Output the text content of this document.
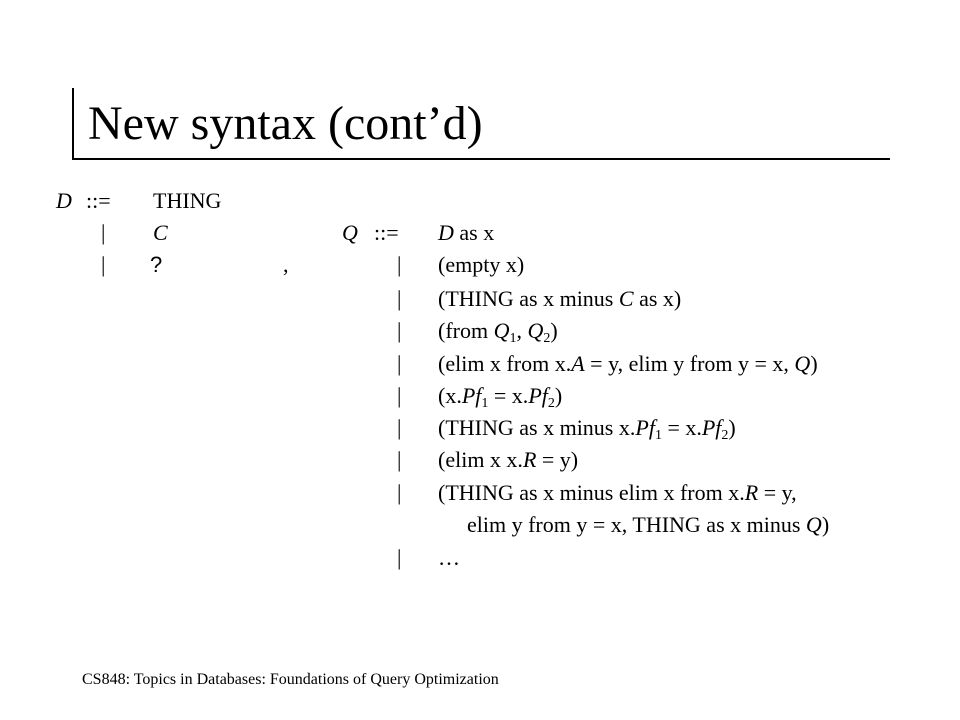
New syntax (cont’d)
D ::= THING
| C
| ?	,
Q ::= D as x
| (empty x)
| (THING as x minus C as x)
| (from $Q_1$, $Q_2$)
| (elim x from x.A = y, elim y from y = x, Q)
| $(x.Pf_1 = x.Pf_2)$
| (THING as x minus $x.Pf_1 = x.Pf_2$)
| (elim x x.R = y)
| (THING as x minus elim x from x.R = y,
elim y from y = x, THING as x minus Q)
| …
CS848: Topics in Databases: Foundations of Query Optimization
